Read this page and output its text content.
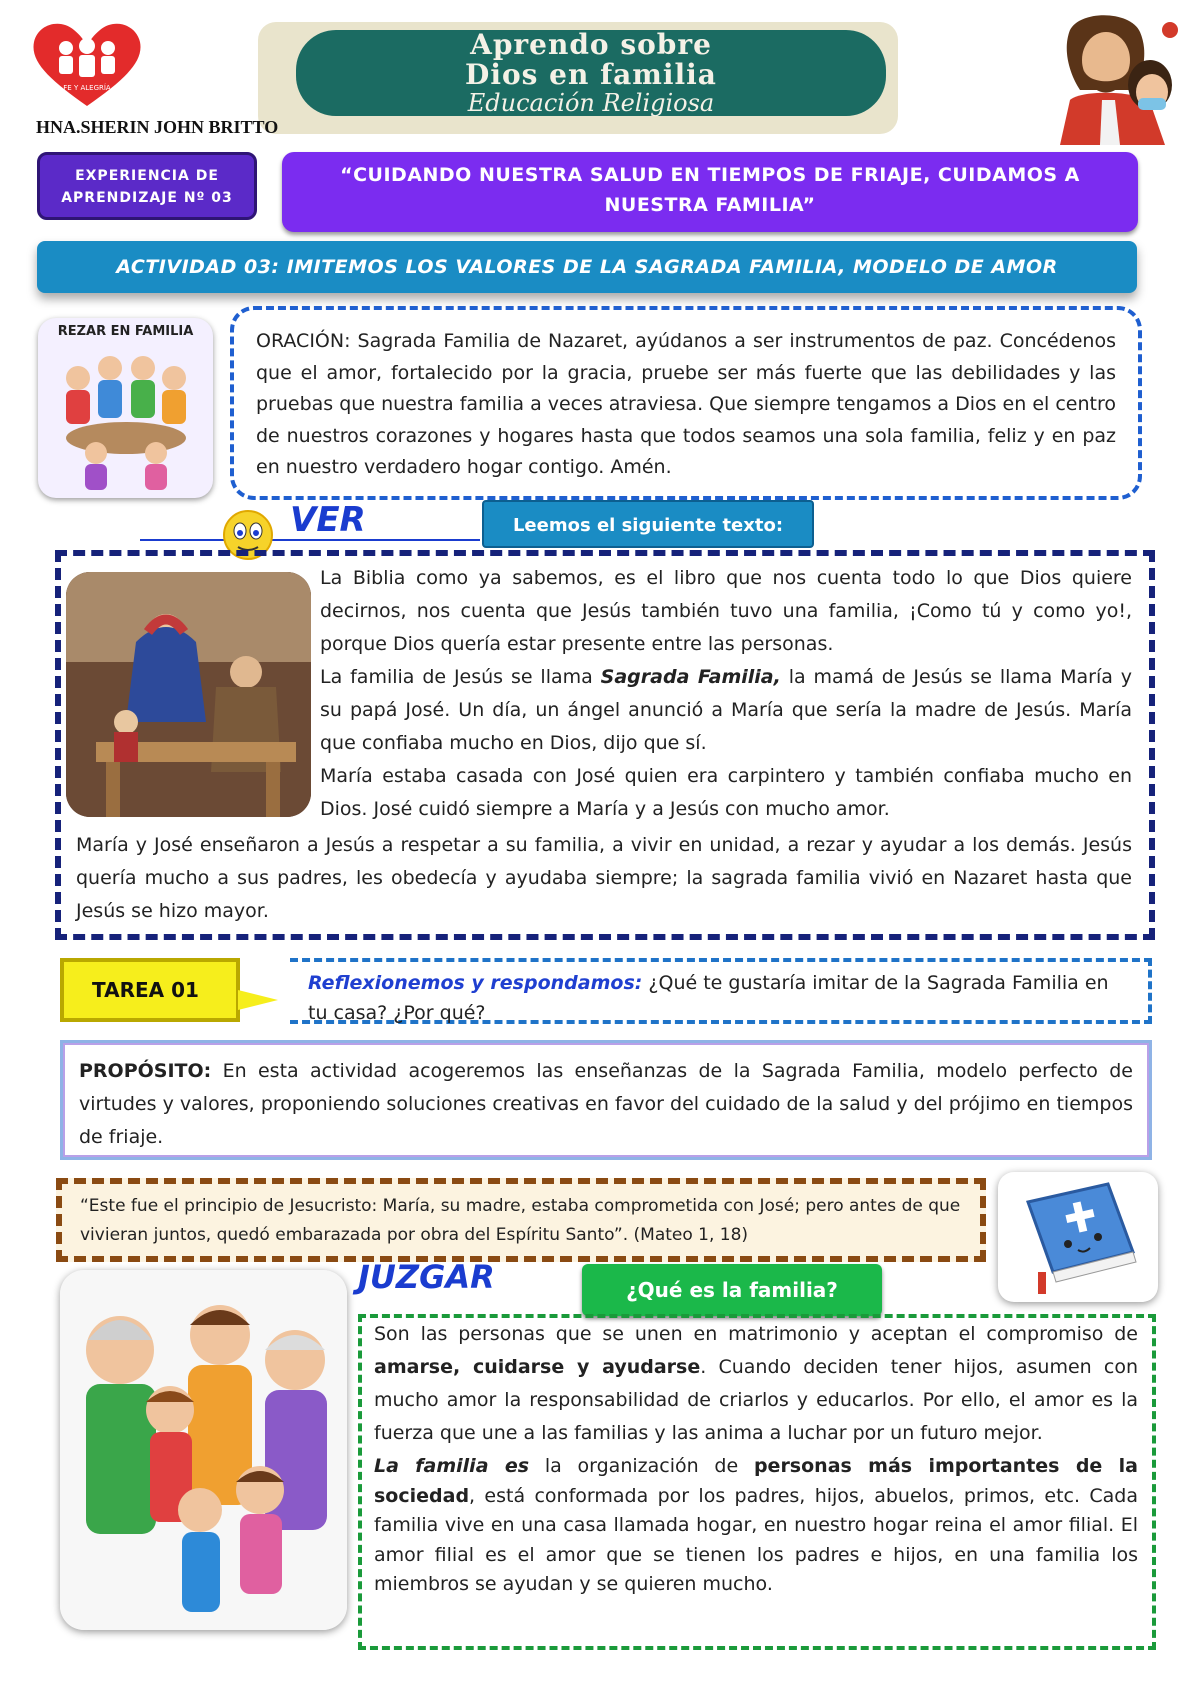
FE Y ALEGRÍA
Aprendo sobre
Dios en familia
Educación Religiosa
HNA.SHERIN JOHN BRITTO
EXPERIENCIA DE
APRENDIZAJE Nº 03
“CUIDANDO NUESTRA SALUD EN TIEMPOS DE FRIAJE, CUIDAMOS A
NUESTRA FAMILIA”
ACTIVIDAD 03: IMITEMOS LOS VALORES DE LA SAGRADA FAMILIA, MODELO DE AMOR
REZAR EN FAMILIA	ORACIÓN: Sagrada Familia de Nazaret, ayúdanos a ser instrumentos de paz. Concédenos que el amor, fortalecido por la gracia, pruebe ser más fuerte que las debilidades y las pruebas que nuestra familia a veces atraviesa. Que siempre tengamos a Dios en el centro de nuestros corazones y hogares hasta que todos seamos una sola familia, feliz y en paz en nuestro verdadero hogar contigo. Amén.
VER	Leemos el siguiente texto:
La Biblia como ya sabemos, es el libro que nos cuenta todo lo que Dios quiere decirnos, nos cuenta que Jesús también tuvo una familia, ¡Como tú y como yo!, porque Dios quería estar presente entre las personas.
La familia de Jesús se llama Sagrada Familia, la mamá de Jesús se llama María y su papá José. Un día, un ángel anunció a María que sería la madre de Jesús. María que confiaba mucho en Dios, dijo que sí.
María estaba casada con José quien era carpintero y también confiaba mucho en Dios. José cuidó siempre a María y a Jesús con mucho amor.
María y José enseñaron a Jesús a respetar a su familia, a vivir en unidad, a rezar y ayudar a los demás. Jesús quería mucho a sus padres, les obedecía y ayudaba siempre; la sagrada familia vivió en Nazaret hasta que Jesús se hizo mayor.
TAREA 01	Reflexionemos y respondamos: ¿Qué te gustaría imitar de la Sagrada Familia en tu casa? ¿Por qué?
PROPÓSITO: En esta actividad acogeremos las enseñanzas de la Sagrada Familia, modelo perfecto de virtudes y valores, proponiendo soluciones creativas en favor del cuidado de la salud y del prójimo en tiempos de friaje.
“Este fue el principio de Jesucristo: María, su madre, estaba comprometida con José; pero antes de que vivieran juntos, quedó embarazada por obra del Espíritu Santo”. (Mateo 1, 18)
JUZGAR	¿Qué es la familia?
Son las personas que se unen en matrimonio y aceptan el compromiso de amarse, cuidarse y ayudarse. Cuando deciden tener hijos, asumen con mucho amor la responsabilidad de criarlos y educarlos. Por ello, el amor es la fuerza que une a las familias y las anima a luchar por un futuro mejor.
La familia es la organización de personas más importantes de la sociedad, está conformada por los padres, hijos, abuelos, primos, etc. Cada familia vive en una casa llamada hogar, en nuestro hogar reina el amor filial. El amor filial es el amor que se tienen los padres e hijos, en una familia los miembros se ayudan y se quieren mucho.
